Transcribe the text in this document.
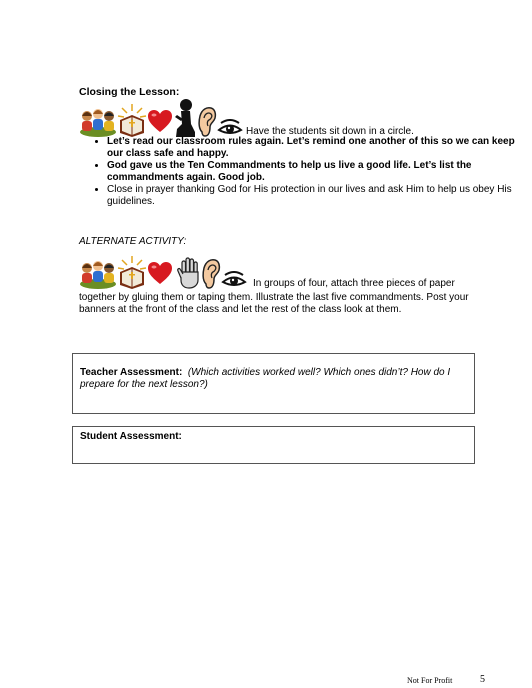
Closing the Lesson:
Have the students sit down in a circle.
• Let’s read our classroom rules again. Let’s remind one another of this so we can keep our class safe and happy.
• God gave us the Ten Commandments to help us live a good life. Let’s list the commandments again. Good job.
• Close in prayer thanking God for His protection in our lives and ask Him to help us obey His guidelines.
ALTERNATE ACTIVITY:
In groups of four, attach three pieces of paper
together by gluing them or taping them. Illustrate the last five commandments. Post your banners at the front of the class and let the rest of the class look at them.
Teacher Assessment: (Which activities worked well? Which ones didn’t? How do I prepare for the next lesson?)
Student Assessment:
Not For Profit	5
